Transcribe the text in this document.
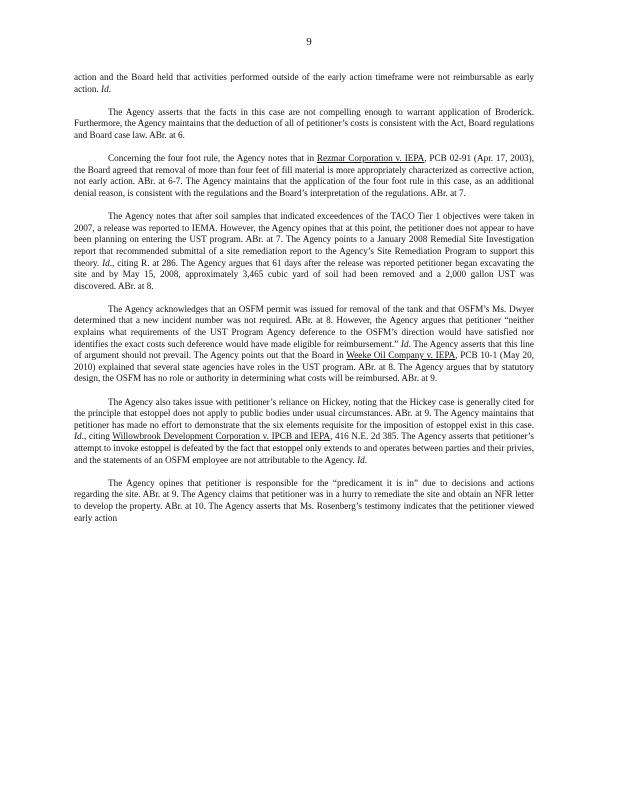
9

action and the Board held that activities performed outside of the early action timeframe were not reimbursable as early action. Id.

The Agency asserts that the facts in this case are not compelling enough to warrant application of Broderick. Furthermore, the Agency maintains that the deduction of all of petitioner’s costs is consistent with the Act, Board regulations and Board case law. ABr. at 6.

Concerning the four foot rule, the Agency notes that in Rezmar Corporation v. IEPA, PCB 02-91 (Apr. 17, 2003), the Board agreed that removal of more than four feet of fill material is more appropriately characterized as corrective action, not early action. ABr. at 6-7. The Agency maintains that the application of the four foot rule in this case, as an additional denial reason, is consistent with the regulations and the Board’s interpretation of the regulations. ABr. at 7.

The Agency notes that after soil samples that indicated exceedences of the TACO Tier 1 objectives were taken in 2007, a release was reported to IEMA. However, the Agency opines that at this point, the petitioner does not appear to have been planning on entering the UST program. ABr. at 7. The Agency points to a January 2008 Remedial Site Investigation report that recommended submittal of a site remediation report to the Agency’s Site Remediation Program to support this theory. Id., citing R. at 286. The Agency argues that 61 days after the release was reported petitioner began excavating the site and by May 15, 2008, approximately 3,465 cubic yard of soil had been removed and a 2,000 gallon UST was discovered. ABr. at 8.

The Agency acknowledges that an OSFM permit was issued for removal of the tank and that OSFM’s Ms. Dwyer determined that a new incident number was not required. ABr. at 8. However, the Agency argues that petitioner “neither explains what requirements of the UST Program Agency deference to the OSFM’s direction would have satisfied nor identifies the exact costs such deference would have made eligible for reimbursement.” Id. The Agency asserts that this line of argument should not prevail. The Agency points out that the Board in Weeke Oil Company v. IEPA, PCB 10-1 (May 20, 2010) explained that several state agencies have roles in the UST program. ABr. at 8. The Agency argues that by statutory design, the OSFM has no role or authority in determining what costs will be reimbursed. ABr. at 9.

The Agency also takes issue with petitioner’s reliance on Hickey, noting that the Hickey case is generally cited for the principle that estoppel does not apply to public bodies under usual circumstances. ABr. at 9. The Agency maintains that petitioner has made no effort to demonstrate that the six elements requisite for the imposition of estoppel exist in this case. Id., citing Willowbrook Development Corporation v. IPCB and IEPA, 416 N.E. 2d 385. The Agency asserts that petitioner’s attempt to invoke estoppel is defeated by the fact that estoppel only extends to and operates between parties and their privies, and the statements of an OSFM employee are not attributable to the Agency. Id.

The Agency opines that petitioner is responsible for the “predicament it is in” due to decisions and actions regarding the site. ABr. at 9. The Agency claims that petitioner was in a hurry to remediate the site and obtain an NFR letter to develop the property. ABr. at 10. The Agency asserts that Ms. Rosenberg’s testimony indicates that the petitioner viewed early action
